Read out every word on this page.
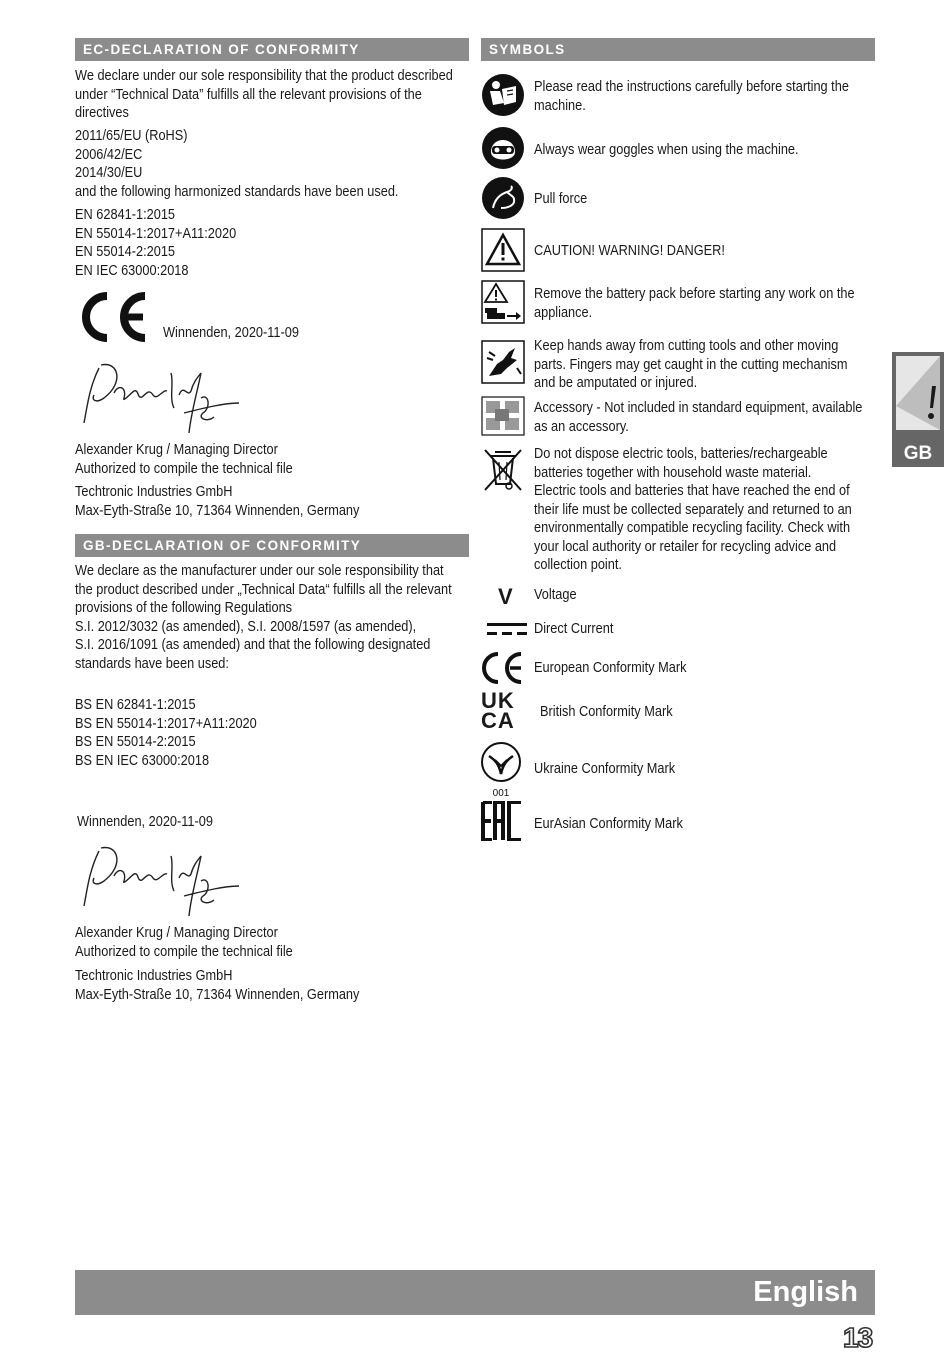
EC-DECLARATION OF CONFORMITY
We declare under our sole responsibility that the product described
under “Technical Data” fulfills all the relevant provisions of the
directives
2011/65/EU (RoHS)
2006/42/EC
2014/30/EU
and the following harmonized standards have been used.
EN 62841-1:2015
EN 55014-1:2017+A11:2020
EN 55014-2:2015
EN IEC 63000:2018
Winnenden, 2020-11-09
Alexander Krug / Managing Director
Authorized to compile the technical file
Techtronic Industries GmbH
Max-Eyth-Straße 10, 71364 Winnenden, Germany
GB-DECLARATION OF CONFORMITY
We declare as the manufacturer under our sole responsibility that
the product described under „Technical Data“ fulfills all the relevant
provisions of the following Regulations
S.I. 2012/3032 (as amended), S.I. 2008/1597 (as amended),
S.I. 2016/1091 (as amended) and that the following designated
standards have been used:
BS EN 62841-1:2015
BS EN 55014-1:2017+A11:2020
BS EN 55014-2:2015
BS EN IEC 63000:2018
Winnenden, 2020-11-09
Alexander Krug / Managing Director
Authorized to compile the technical file
Techtronic Industries GmbH
Max-Eyth-Straße 10, 71364 Winnenden, Germany
SYMBOLS
Please read the instructions carefully before starting the
machine.
Always wear goggles when using the machine.
Pull force
CAUTION! WARNING! DANGER!
Remove the battery pack before starting any work on the
appliance.
Keep hands away from cutting tools and other moving
parts. Fingers may get caught in the cutting mechanism
and be amputated or injured.
Accessory - Not included in standard equipment, available
as an accessory.
Do not dispose electric tools, batteries/rechargeable
batteries together with household waste material.
Electric tools and batteries that have reached the end of
their life must be collected separately and returned to an
environmentally compatible recycling facility. Check with
your local authority or retailer for recycling advice and
collection point.
V Voltage
Direct Current
European Conformity Mark
UK
CA British Conformity Mark
001
Ukraine Conformity Mark
EurAsian Conformity Mark
GB
English
13
